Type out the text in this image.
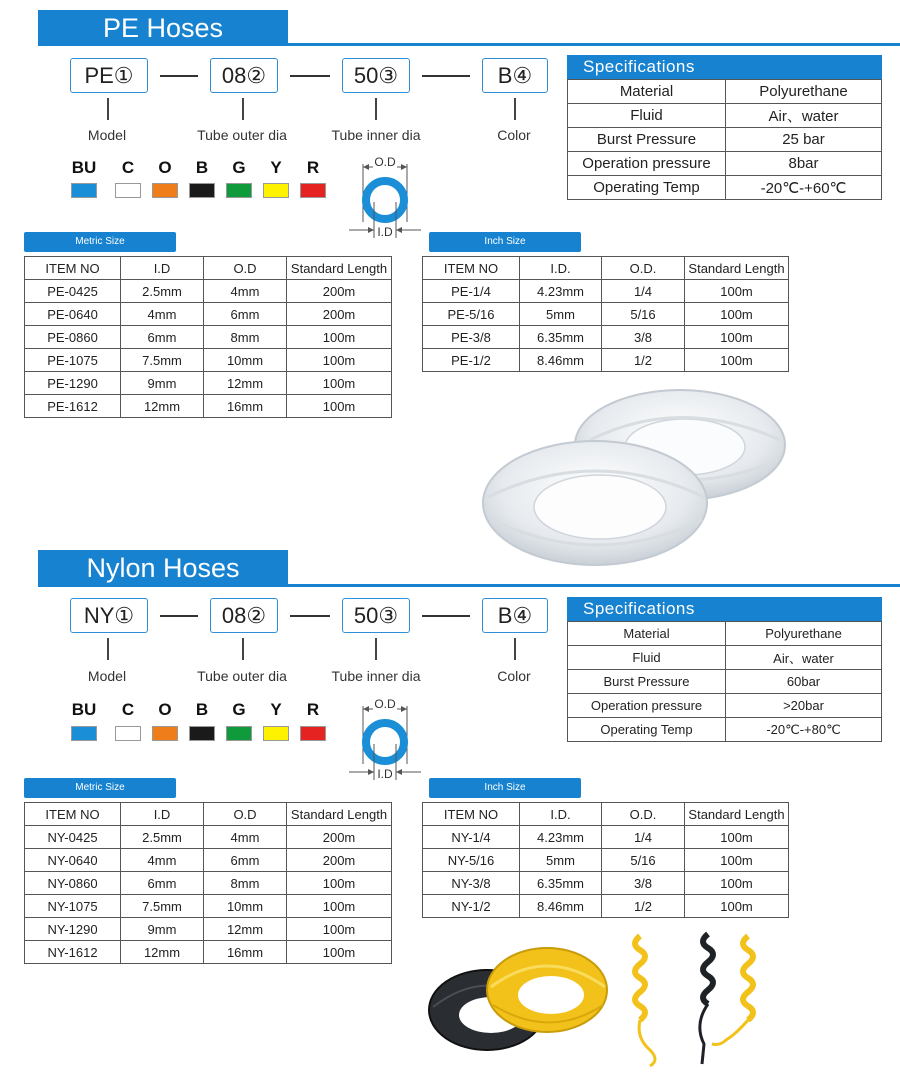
PE Hoses
PE①	08②	50③	B④
Model	Tube outer dia	Tube inner dia	Color
BU	C	O	B	G	Y	R	O.D
I.D
Specifications
Material	Polyurethane
Fluid	Air、water
Burst Pressure	25 bar
Operation pressure	8bar
Operating Temp	-20℃-+60℃
Metric Size
ITEM NO	I.D	O.D	Standard Length
PE-0425	2.5mm	4mm	200m
PE-0640	4mm	6mm	200m
PE-0860	6mm	8mm	100m
PE-1075	7.5mm	10mm	100m
PE-1290	9mm	12mm	100m
PE-1612	12mm	16mm	100m
Inch Size
ITEM NO	I.D.	O.D.	Standard Length
PE-1/4	4.23mm	1/4	100m
PE-5/16	5mm	5/16	100m
PE-3/8	6.35mm	3/8	100m
PE-1/2	8.46mm	1/2	100m
Nylon Hoses
NY①	08②	50③	B④
Model	Tube outer dia	Tube inner dia	Color
BU	C	O	B	G	Y	R	O.D
I.D
Specifications
Material	Polyurethane
Fluid	Air、water
Burst Pressure	60bar
Operation pressure	>20bar
Operating Temp	-20℃-+80℃
Metric Size
ITEM NO	I.D	O.D	Standard Length
NY-0425	2.5mm	4mm	200m
NY-0640	4mm	6mm	200m
NY-0860	6mm	8mm	100m
NY-1075	7.5mm	10mm	100m
NY-1290	9mm	12mm	100m
NY-1612	12mm	16mm	100m
Inch Size
ITEM NO	I.D.	O.D.	Standard Length
NY-1/4	4.23mm	1/4	100m
NY-5/16	5mm	5/16	100m
NY-3/8	6.35mm	3/8	100m
NY-1/2	8.46mm	1/2	100m
